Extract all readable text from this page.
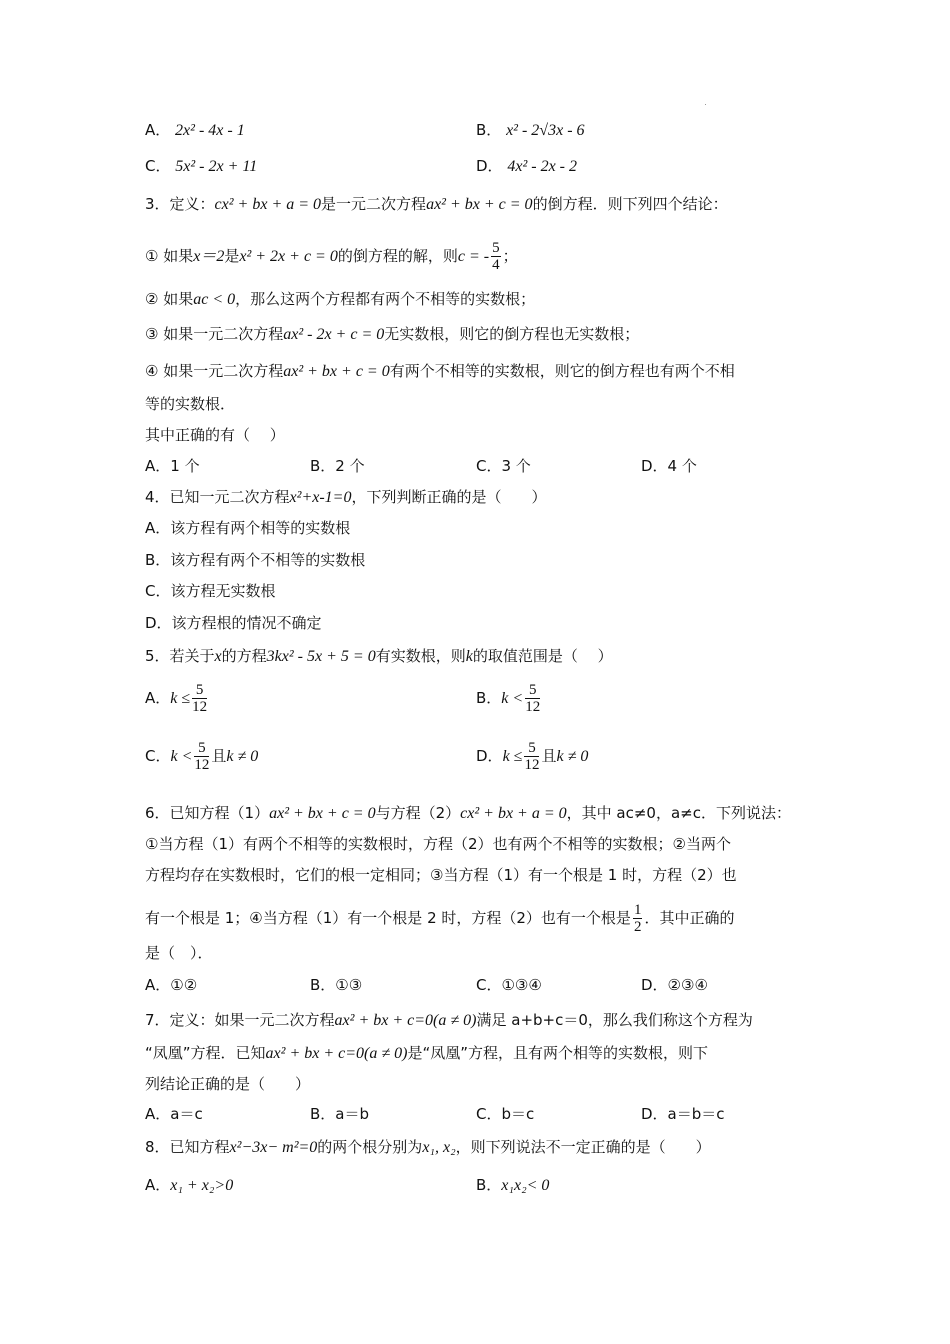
A． 2x² - 4x - 1	B． x² - 2√3x - 6
C． 5x² - 2x + 11	D． 4x² - 2x - 2
3．定义：cx² + bx + a = 0是一元二次方程ax² + bx + c = 0的倒方程．则下列四个结论：
① 如果x＝2是x² + 2x + c = 0的倒方程的解，则c = - $\frac{5}{4}$ ；
② 如果ac < 0，那么这两个方程都有两个不相等的实数根；
③ 如果一元二次方程ax² - 2x + c = 0无实数根，则它的倒方程也无实数根；
④ 如果一元二次方程ax² + bx + c = 0有两个不相等的实数根，则它的倒方程也有两个不相
等的实数根．
其中正确的有（　 ）
A．1 个	B．2 个	C．3 个	D．4 个
4．已知一元二次方程x²+x-1=0，下列判断正确的是（　　）
A．该方程有两个相等的实数根
B．该方程有两个不相等的实数根
C．该方程无实数根
D．该方程根的情况不确定
5．若关于x的方程3kx² - 5x + 5 = 0有实数根，则k的取值范围是（　 ）
A．$k \le \frac{5}{12}$	B．$k < \frac{5}{12}$
C．$k < \frac{5}{12}$ 且k ≠ 0	D．$k \le \frac{5}{12}$ 且k ≠ 0
6．已知方程（1）ax² + bx + c = 0与方程（2）cx² + bx + a = 0，其中 ac≠0，a≠c．下列说法：
①当方程（1）有两个不相等的实数根时，方程（2）也有两个不相等的实数根；②当两个
方程均存在实数根时，它们的根一定相同；③当方程（1）有一个根是 1 时，方程（2）也
有一个根是 1；④当方程（1）有一个根是 2 时，方程（2）也有一个根是 $\frac{1}{2}$ ．其中正确的
是（　）．
A．①②	B．①③	C．①③④	D．②③④
7．定义：如果一元二次方程ax² + bx + c=0(a ≠ 0)满足 a+b+c＝0，那么我们称这个方程为
“凤凰”方程．已知ax² + bx + c=0(a ≠ 0)是“凤凰”方程，且有两个相等的实数根，则下
列结论正确的是（　　）
A．a＝c	B．a＝b	C．b＝c	D．a＝b＝c
8．已知方程x²−3x− m²=0的两个根分别为x₁, x₂，则下列说法不一定正确的是（　　）
A．x₁ + x₂>0	B．x₁x₂< 0
